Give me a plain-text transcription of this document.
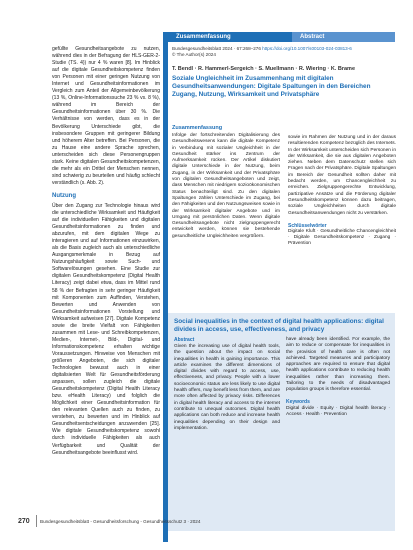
gefüllte Gesundheitsangebote zu nutzen, während dies in der Befragung der HLS-GER-2-Studie (TS. 4)) nur 4 % waren [8]. Im Hinblick auf die digitale Gesundheitskompetenz finden von Personen mit einer geringen Nutzung von Internet und Gesundheitsinformationen im Vergleich zum Anteil der Allgemeinbevölkerung (13 %, Online-Informationssuche 23 % vs. 8 %), während im Bereich der Gesundheitsinformationen über 30 %. Die Verhältnisse von werden, dass es in der Bevölkerung Unterschiede gibt, die insbesondere Gruppen mit geringerer Bildung und höherem Alter betreffen. Bei Personen, die zu Hause eine andere Sprache sprechen, unterscheiden sich diese Personengruppen stark. Keine digitalen Gesundheitskompetenzen, die mehr als ein Drittel der Menschen nennen, sind schwierig zu beurteilen und häufig schlecht verständlich (s. Abb. 2).

Nutzung

Über den Zugang zur Technologie hinaus wird die unterschiedliche Wirksamkeit und Häufigkeit auf die individuellen Fähigkeiten und digitalen Gesundheitsinformationen zu finden und abzurufen, mit dem digitalen Wege zu interagieren und auf Informationen einzuwirken, als die Basis zugleich auch als unterschiedliche Ausgangsmerkmale in Bezug auf Nutzungshäufigkeit sowie Such- und Softwarelösungen gesehen. Eine Studie zur digitalen Gesundheitskompetenz (Digital Health Literacy) zeigt dabei etwa, dass im Mittel rund 58 % der Befragten in sehr geringer Häufigkeit mit Komponenten zum Auffinden, Verstehen, Bewerten und Anwenden von Gesundheitsinformationen Vorstellung und Wirksamkeit aufweisen [27]. Digitale Kompetenz sowie die breite Vielfalt von Fähigkeiten zusammen mit Lese- und Schreibkompetenzen, Medien-, Internet-, Bild-, Digital- und Informationskompetenz erhalten wichtige Voraussetzungen. Hinweise von Menschen mit größeren Angeboten, die sich digitaler Technologien bewusst auch in einer digitalisierten Welt für Gesundheitsförderung anpassen, sollen zugleich die digitale Gesundheitskompetenz (Digital Health Literacy bzw. eHealth Literacy) und folglich die Möglichkeit einer Gesundheitsinformation für den relevanten Quellen auch zu finden, zu verstehen, zu bewerten und im Hinblick auf Gesundheitsentscheidungen anzuwenden [25]. Wie digitale Gesundheitskompetenz sowohl durch individuelle Fähigkeiten als auch Verfügbarkeit und Qualität der Gesundheitsangebote beeinflusst wird.

Zusammenfassung	Abstract
Bundesgesundheitsblatt 2024 · 67:268–276 https://doi.org/10.1007/s00103-024-03813-6
© The Author(s) 2024
T. Bendl · R. Hammerl-Sergeich · S. Muellmann · R. Wiering · K. Brame
Soziale Ungleichheit im Zusammenhang mit digitalen Gesundheitsanwendungen: Digitale Spaltungen in den Bereichen Zugang, Nutzung, Wirksamkeit und Privatsphäre
Zusammenfassung

Infolge der fortschreitenden Digitalisierung des Gesundheitswesens kann die digitale Kompetenz in Verbindung mit sozialer Ungleichheit in der Gesundheit stärker ins Zentrum der Aufmerksamkeit rücken. Der Artikel diskutiert digitale Unterschiede in der Nutzung, beim Zugang, in der Wirksamkeit und der Privatsphäre von digitalen Gesundheitsangeboten und zeigt, dass Menschen mit niedrigem sozioökonomischen Status benachteiligt sind. Zu den digitalen Spaltungen zählen Unterschiede im Zugang, bei den Fähigkeiten und den Nutzungsweisen sowie in der Wirksamkeit digitaler Angebote und im Umgang mit persönlichen Daten. Wenn digitale Gesundheitsangebote nicht zielgruppengerecht entwickelt werden, können sie bestehende gesundheitliche Ungleichheiten vergrößern.

sowie im Rahmen der Nutzung und in der daraus resultierenden Kompetenz bezüglich des Internets. In der Wirksamkeit unterscheiden sich Personen in der Wirksamkeit, die sie aus digitalen Angeboten ziehen. Neben dem Datenschutz stellen sich Fragen nach der Privatsphäre. Digitale Spaltungen im Bereich der Gesundheit sollten daher mit bedacht werden, um Chancengleichheit zu erreichen. Zielgruppengerechte Entwicklung, partizipative Ansätze und die Förderung digitaler Gesundheitskompetenz können dazu beitragen, soziale Ungleichheiten durch digitale Gesundheitsanwendungen nicht zu verstärken.

Schlüsselwörter

Digitale Kluft · Gesundheitliche Chancengleichheit · Digitale Gesundheitskompetenz · Zugang · Prävention

Social inequalities in the context of digital health applications: digital divides in access, use, effectiveness, and privacy
Abstract

Given the increasing use of digital health tools, the question about the impact on social inequalities in health is gaining importance. This article examines the different dimensions of digital divides with regard to access, use, effectiveness, and privacy. People with a lower socioeconomic status are less likely to use digital health offers, may benefit less from them, and are more often affected by privacy risks. Differences in digital health literacy and access to the internet contribute to unequal outcomes. Digital health applications can both reduce and increase health inequalities depending on their design and implementation.

have already been identified. For example, the aim to reduce or compensate for inequalities in the provision of health care is often not achieved. Targeted measures and participatory approaches are required to ensure that digital health applications contribute to reducing health inequalities rather than increasing them. Tailoring to the needs of disadvantaged population groups is therefore essential.

Keywords

Digital divide · Equity · Digital health literacy · Access · Health · Prevention

270 Bundesgesundheitsblatt - Gesundheitsforschung - Gesundheitsschutz 3 · 2024
